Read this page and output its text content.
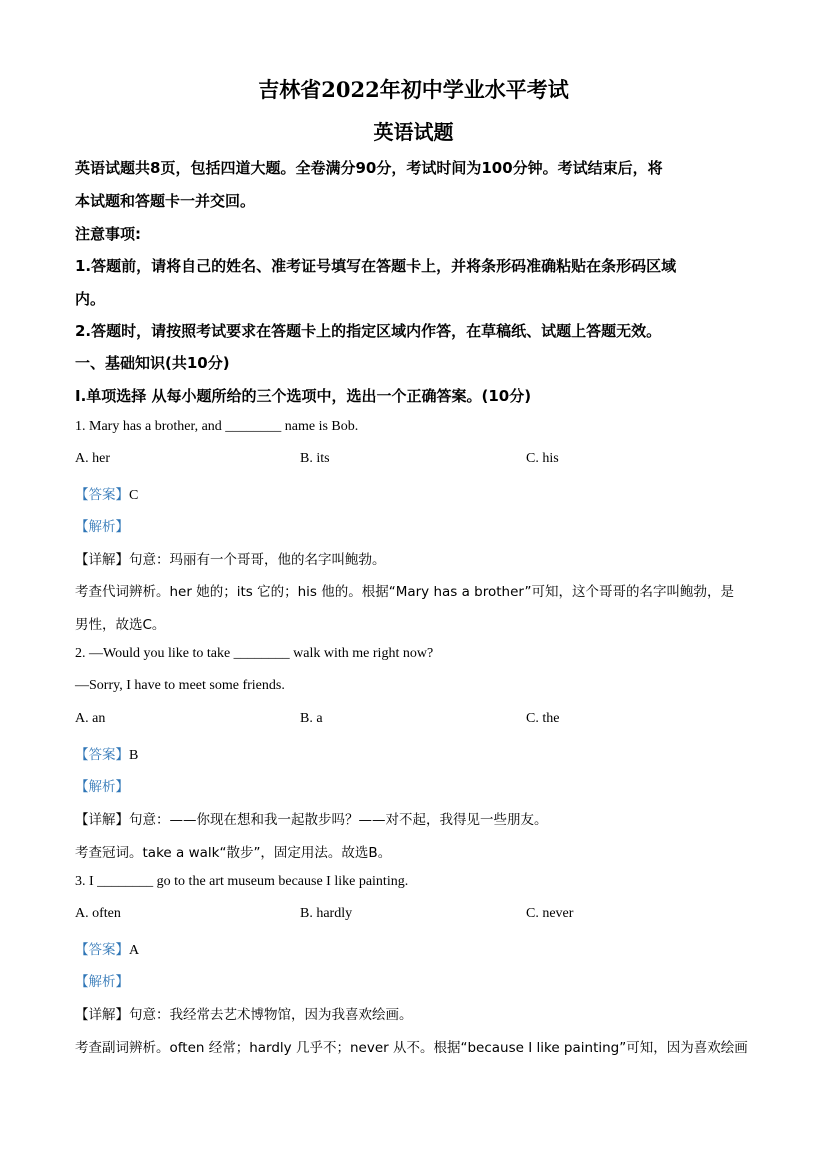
吉林省2022年初中学业水平考试
英语试题
英语试题共8页，包括四道大题。全卷满分90分，考试时间为100分钟。考试结束后，将
本试题和答题卡一并交回。
注意事项:
1.答题前，请将自己的姓名、准考证号填写在答题卡上，并将条形码准确粘贴在条形码区域
内。
2.答题时，请按照考试要求在答题卡上的指定区域内作答，在草稿纸、试题上答题无效。
一、基础知识(共10分)
I.单项选择 从每小题所给的三个选项中，选出一个正确答案。(10分)
1. Mary has a brother, and ________ name is Bob.
A. her	B. its	C. his
【答案】C
【解析】
【详解】句意：玛丽有一个哥哥，他的名字叫鲍勃。
考查代词辨析。her 她的；its 它的；his 他的。根据“Mary has a brother”可知，这个哥哥的名字叫鲍勃，是
男性，故选C。
2. —Would you like to take ________ walk with me right now?
—Sorry, I have to meet some friends.
A. an	B. a	C. the
【答案】B
【解析】
【详解】句意：——你现在想和我一起散步吗？——对不起，我得见一些朋友。
考查冠词。take a walk“散步”，固定用法。故选B。
3. I ________ go to the art museum because I like painting.
A. often	B. hardly	C. never
【答案】A
【解析】
【详解】句意：我经常去艺术博物馆，因为我喜欢绘画。
考查副词辨析。often 经常；hardly 几乎不；never 从不。根据“because I like painting”可知，因为喜欢绘画
